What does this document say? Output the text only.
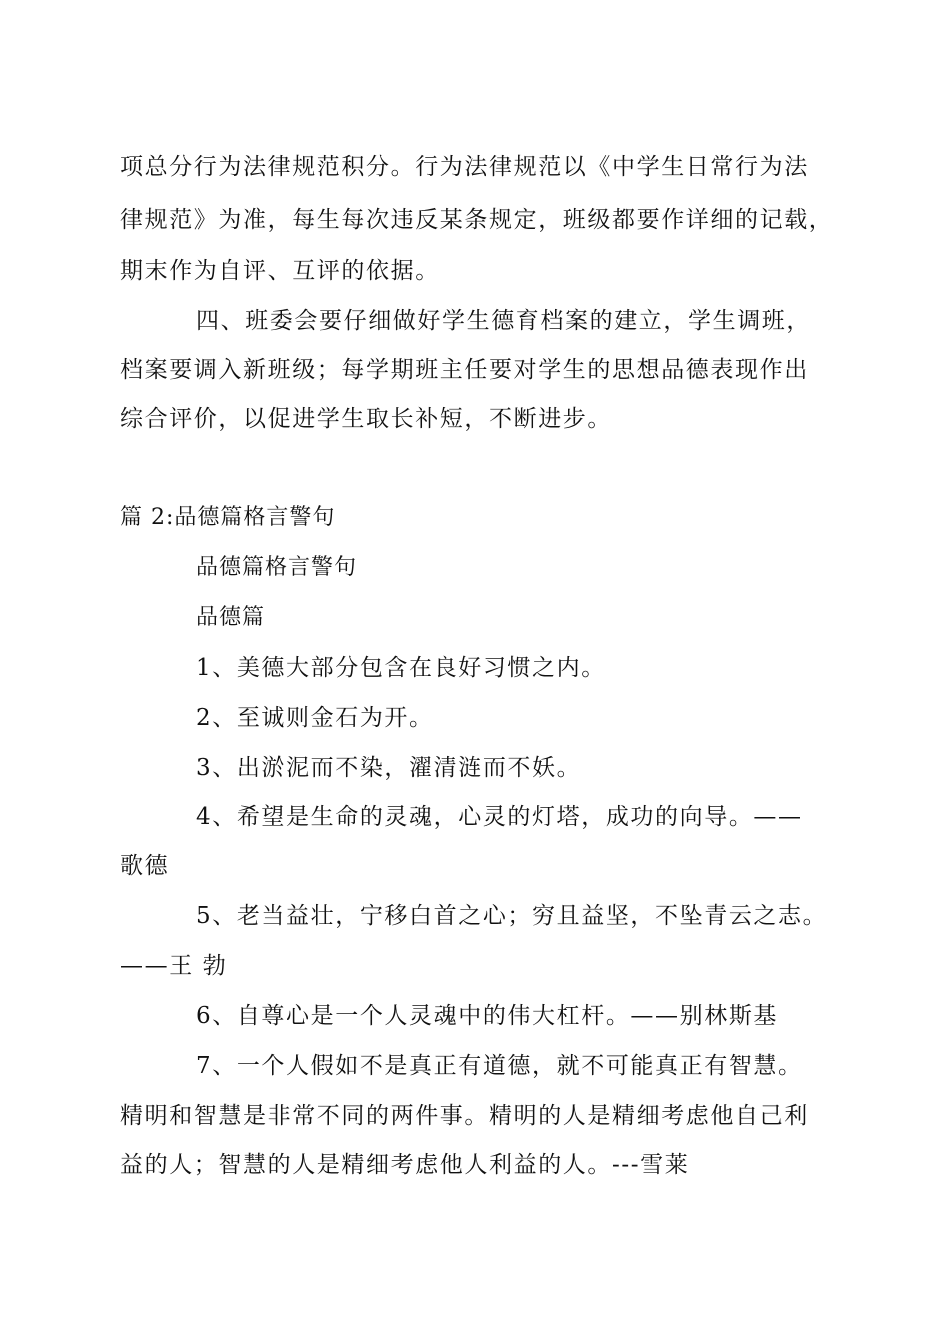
项总分行为法律规范积分。行为法律规范以《中学生日常行为法

律规范》为准，每生每次违反某条规定，班级都要作详细的记载，

期末作为自评、互评的依据。

四、班委会要仔细做好学生德育档案的建立，学生调班，

档案要调入新班级；每学期班主任要对学生的思想品德表现作出

综合评价，以促进学生取长补短，不断进步。

篇 2:品德篇格言警句

品德篇格言警句

品德篇

1、美德大部分包含在良好习惯之内。

2、至诚则金石为开。

3、出淤泥而不染，濯清涟而不妖。

4、希望是生命的灵魂，心灵的灯塔，成功的向导。——

歌德

5、老当益壮，宁移白首之心；穷且益坚，不坠青云之志。

——王 勃

6、自尊心是一个人灵魂中的伟大杠杆。——别林斯基

7、一个人假如不是真正有道德，就不可能真正有智慧。

精明和智慧是非常不同的两件事。精明的人是精细考虑他自己利

益的人；智慧的人是精细考虑他人利益的人。---雪莱
